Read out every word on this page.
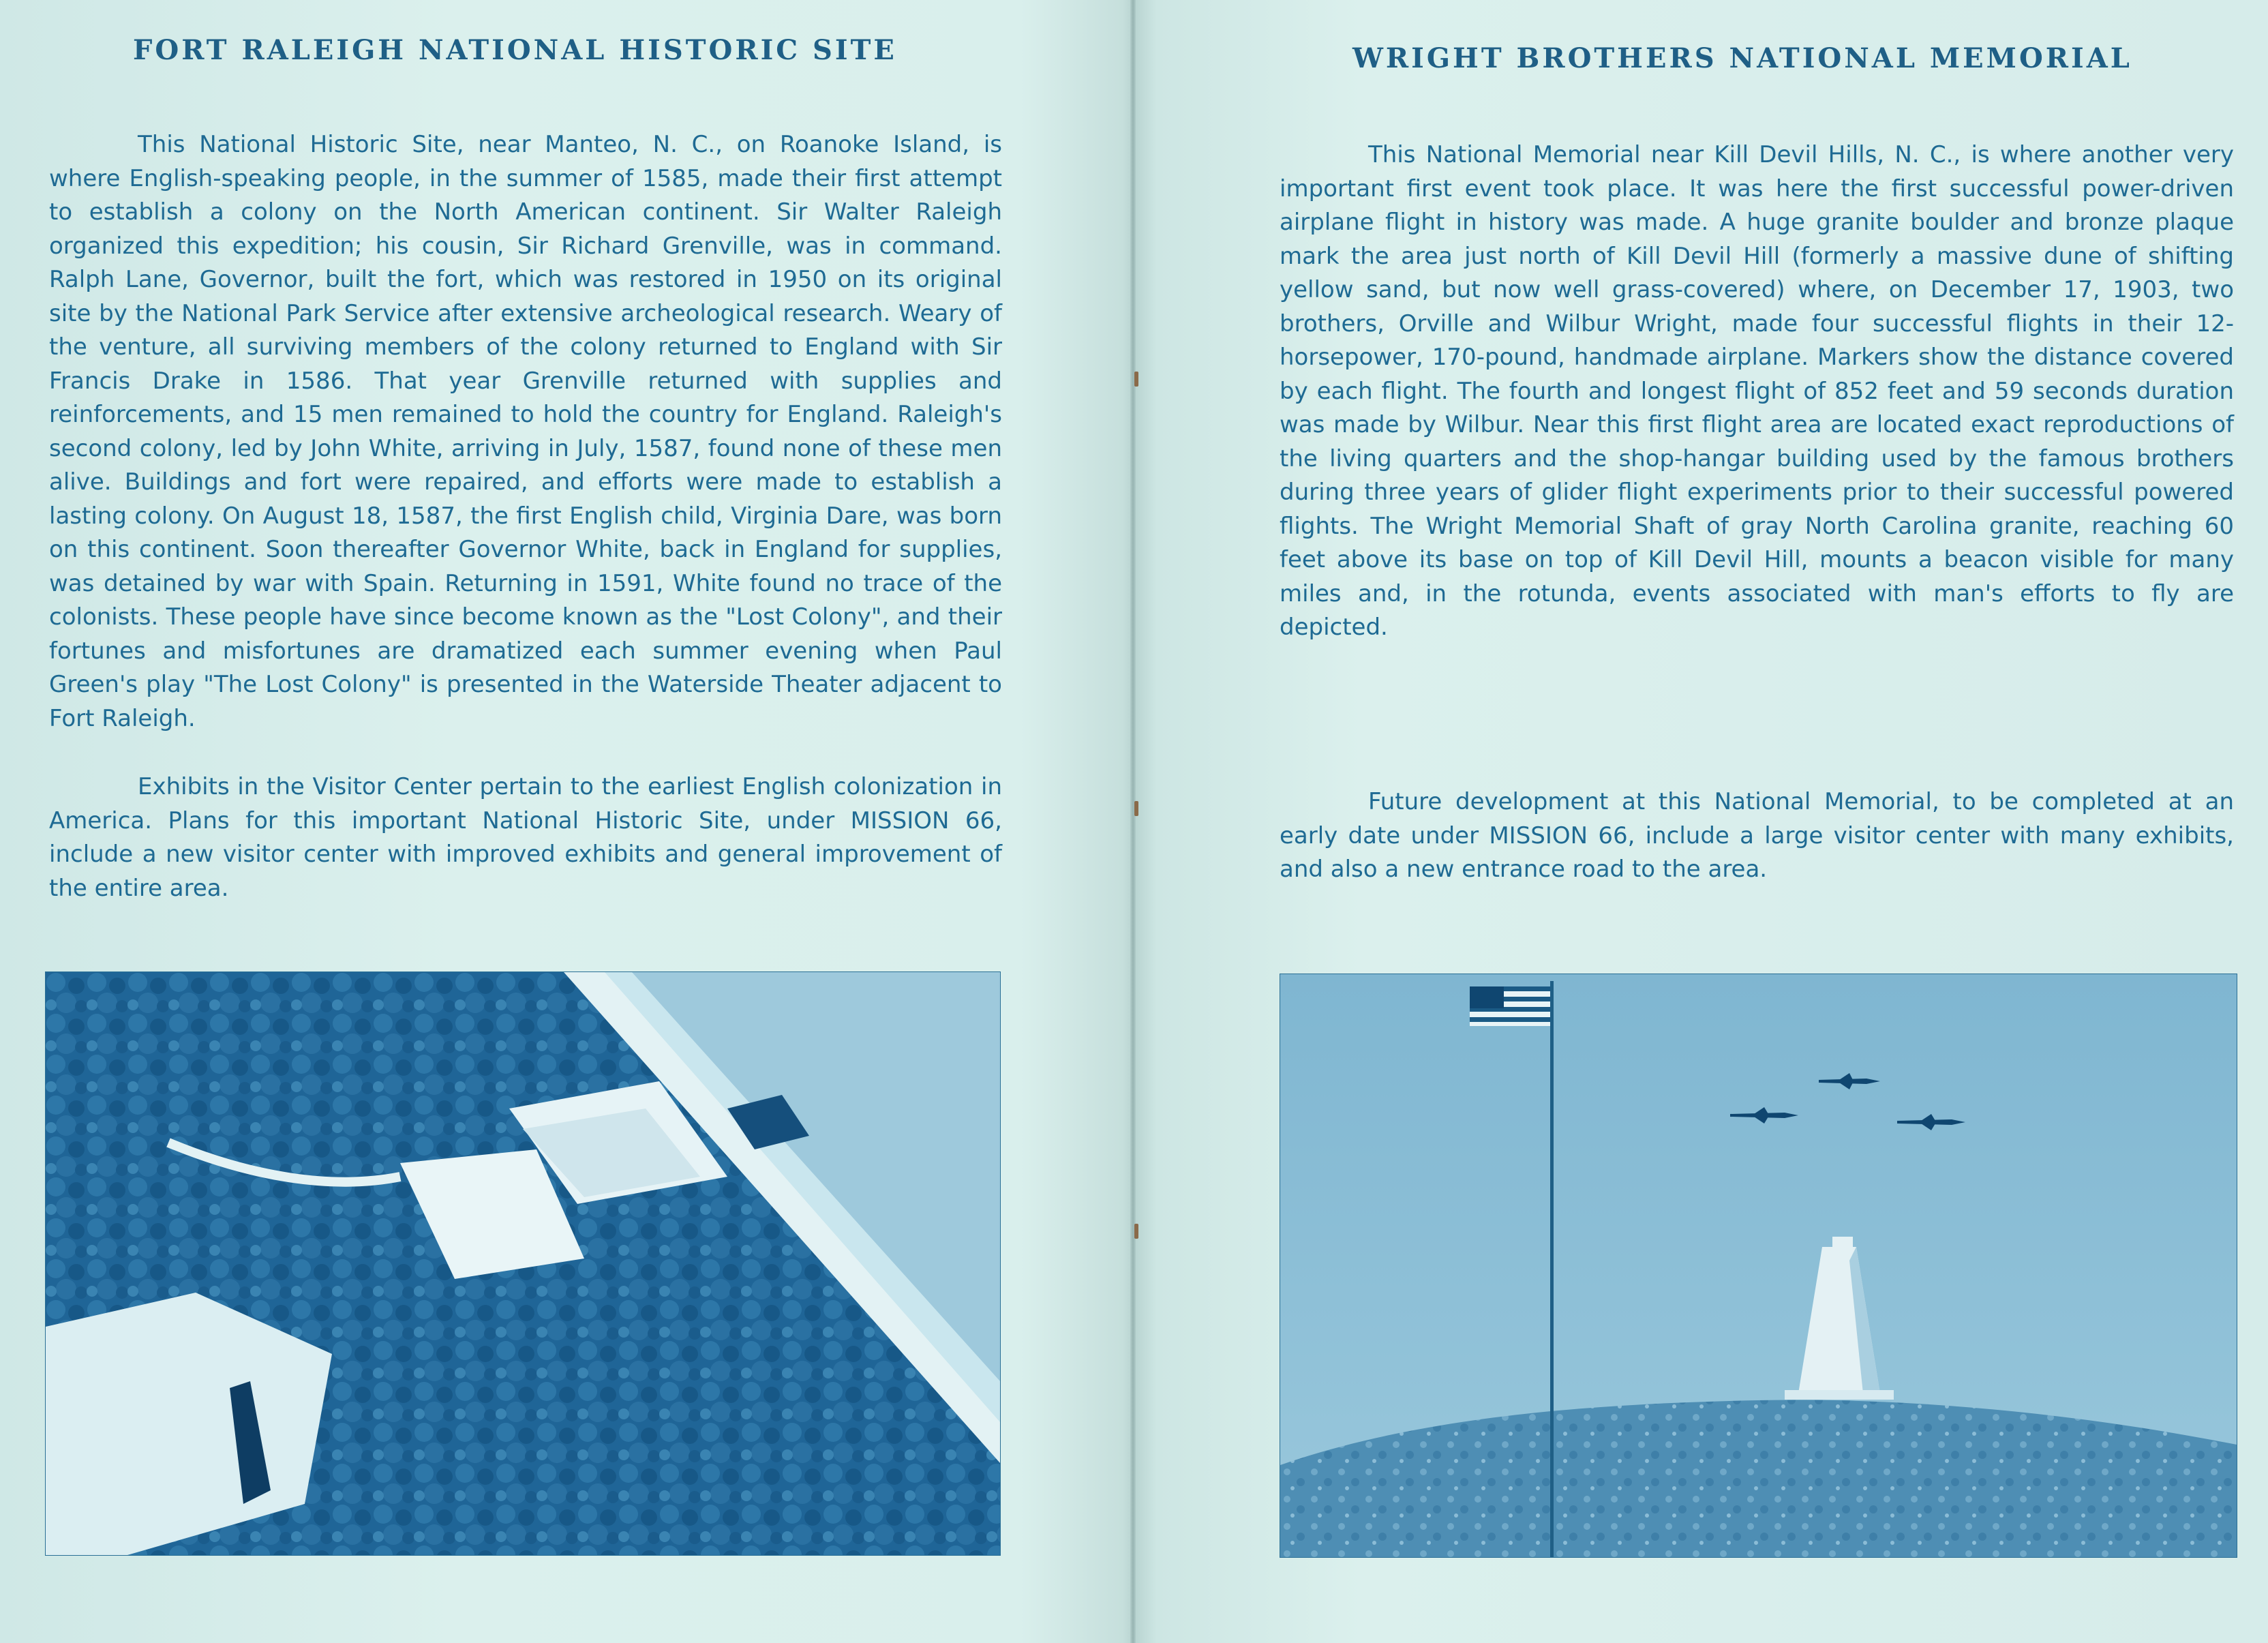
FORT RALEIGH NATIONAL HISTORIC SITE
This National Historic Site, near Manteo, N. C., on Roanoke Island, is where English-speaking people, in the summer of 1585, made their first attempt to establish a colony on the North American continent. Sir Walter Raleigh organized this expedition; his cousin, Sir Richard Grenville, was in command. Ralph Lane, Governor, built the fort, which was restored in 1950 on its original site by the National Park Service after extensive archeological research. Weary of the venture, all surviving members of the colony returned to England with Sir Francis Drake in 1586. That year Grenville returned with supplies and reinforcements, and 15 men remained to hold the country for England. Raleigh's second colony, led by John White, arriving in July, 1587, found none of these men alive. Buildings and fort were repaired, and efforts were made to establish a lasting colony. On August 18, 1587, the first English child, Virginia Dare, was born on this continent. Soon thereafter Governor White, back in England for supplies, was detained by war with Spain. Returning in 1591, White found no trace of the colonists. These people have since become known as the "Lost Colony", and their fortunes and misfortunes are dramatized each summer evening when Paul Green's play "The Lost Colony" is presented in the Waterside Theater adjacent to Fort Raleigh.
Exhibits in the Visitor Center pertain to the earliest English colonization in America. Plans for this important National Historic Site, under MISSION 66, include a new visitor center with improved exhibits and general improvement of the entire area.
WRIGHT BROTHERS NATIONAL MEMORIAL
This National Memorial near Kill Devil Hills, N. C., is where another very important first event took place. It was here the first successful power-driven airplane flight in history was made. A huge granite boulder and bronze plaque mark the area just north of Kill Devil Hill (formerly a massive dune of shifting yellow sand, but now well grass-covered) where, on December 17, 1903, two brothers, Orville and Wilbur Wright, made four successful flights in their 12-horsepower, 170-pound, handmade airplane. Markers show the distance covered by each flight. The fourth and longest flight of 852 feet and 59 seconds duration was made by Wilbur. Near this first flight area are located exact reproductions of the living quarters and the shop-hangar building used by the famous brothers during three years of glider flight experiments prior to their successful powered flights. The Wright Memorial Shaft of gray North Carolina granite, reaching 60 feet above its base on top of Kill Devil Hill, mounts a beacon visible for many miles and, in the rotunda, events associated with man's efforts to fly are depicted.
Future development at this National Memorial, to be completed at an early date under MISSION 66, include a large visitor center with many exhibits, and also a new entrance road to the area.
